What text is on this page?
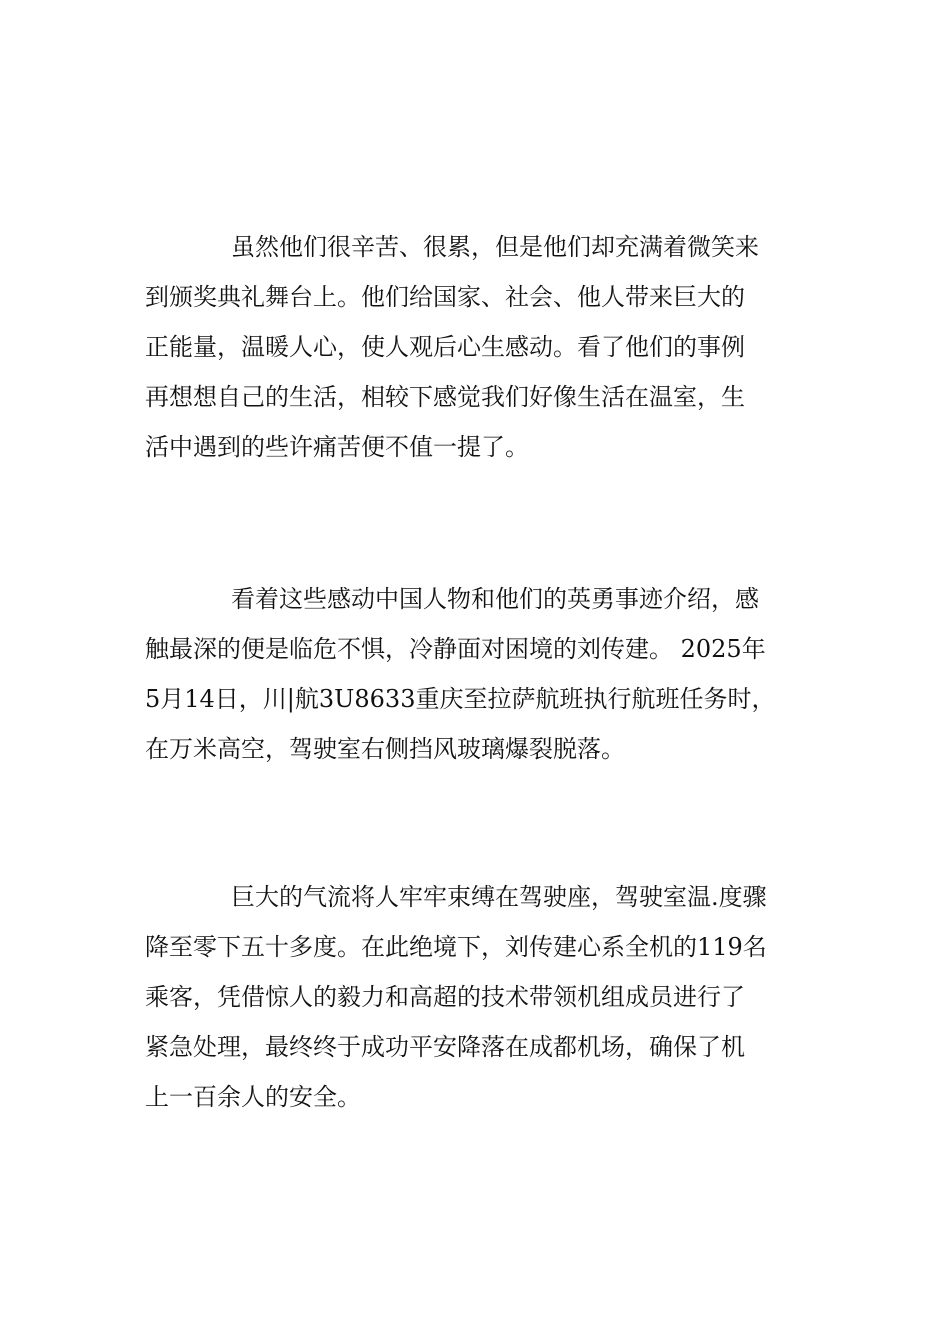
虽然他们很辛苦、很累，但是他们却充满着微笑来
到颁奖典礼舞台上。他们给国家、社会、他人带来巨大的
正能量，温暖人心，使人观后心生感动。看了他们的事例
再想想自己的生活，相较下感觉我们好像生活在温室，生
活中遇到的些许痛苦便不值一提了。
看着这些感动中国人物和他们的英勇事迹介绍，感
触最深的便是临危不惧，冷静面对困境的刘传建。 2025年
5月14日，川|航3U8633重庆至拉萨航班执行航班任务时，
在万米高空，驾驶室右侧挡风玻璃爆裂脱落。
巨大的气流将人牢牢束缚在驾驶座，驾驶室温.度骤
降至零下五十多度。在此绝境下，刘传建心系全机的119名
乘客，凭借惊人的毅力和高超的技术带领机组成员进行了
紧急处理，最终终于成功平安降落在成都机场，确保了机
上一百余人的安全。
